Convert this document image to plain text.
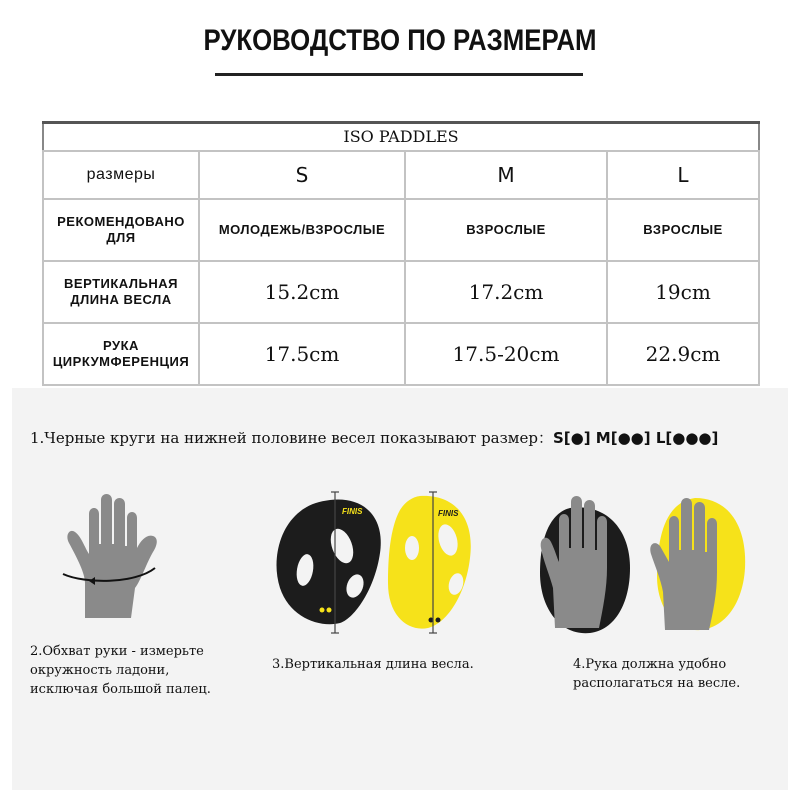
РУКОВОДСТВО ПО РАЗМЕРАМ
ISO PADDLES			
размеры	S	M	L
РЕКОМЕНДОВАНО ДЛЯ	МОЛОДЕЖЬ/ВЗРОСЛЫЕ	ВЗРОСЛЫЕ	ВЗРОСЛЫЕ
ВЕРТИКАЛЬНАЯ ДЛИНА ВЕСЛА	15.2cm	17.2cm	19cm
РУКА ЦИРКУМФЕРЕНЦИЯ	17.5cm	17.5-20cm	22.9cm
1.Черные круги на нижней половине весел показывают размер：S[●] M[●●] L[●●●]
2.Обхват руки - измерьте
окружность ладони,
исключая большой палец.
FINIS	FINIS
3.Вертикальная длина весла.	4.Рука должна удобно
располагаться на весле.
